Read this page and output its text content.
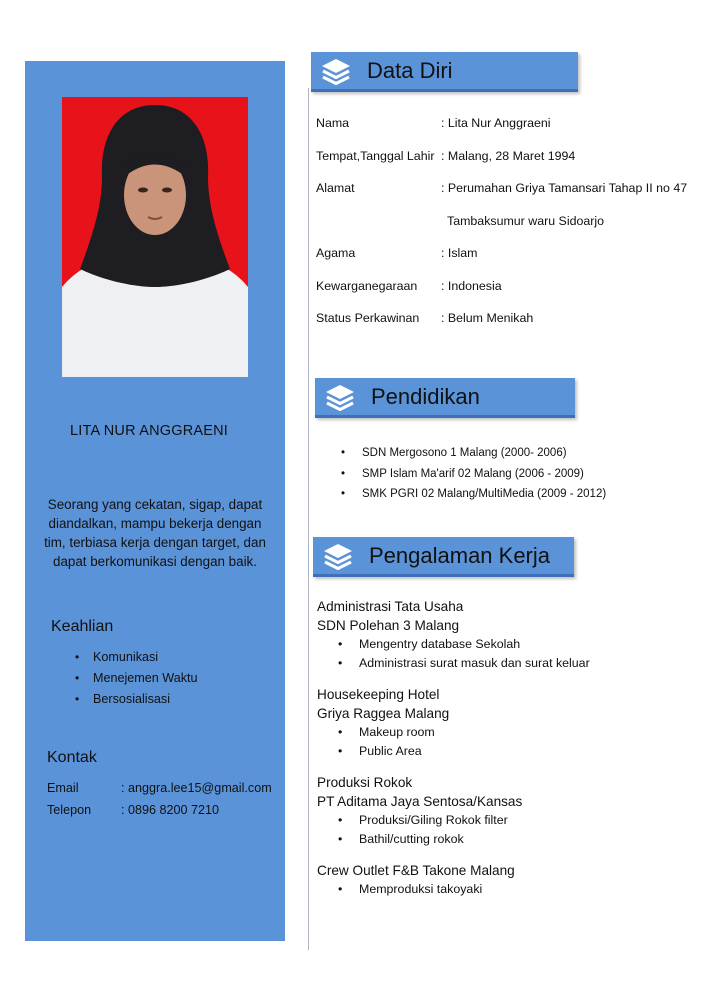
LITA NUR ANGGRAENI
Seorang yang cekatan, sigap, dapat
diandalkan, mampu bekerja dengan
tim, terbiasa kerja dengan target, dan
dapat berkomunikasi dengan baik.
Keahlian
• Komunikasi
• Menejemen Waktu
• Bersosialisasi
Kontak
Email	: anggra.lee15@gmail.com
Telepon	: 0896 8200 7210
Data Diri
Nama	: Lita Nur Anggraeni
Tempat,Tanggal Lahir : Malang, 28 Maret 1994
Alamat	: Perumahan Griya Tamansari Tahap II no 47
Tambaksumur waru Sidoarjo
Agama	: Islam
Kewarganegaraan	: Indonesia
Status Perkawinan	: Belum Menikah
Pendidikan
• SDN Mergosono 1 Malang (2000- 2006)
• SMP Islam Ma'arif 02 Malang (2006 - 2009)
• SMK PGRI 02 Malang/MultiMedia (2009 - 2012)
Pengalaman Kerja
Administrasi Tata Usaha
SDN Polehan 3 Malang
• Mengentry database Sekolah
• Administrasi surat masuk dan surat keluar
Housekeeping Hotel
Griya Raggea Malang
• Makeup room
• Public Area
Produksi Rokok
PT Aditama Jaya Sentosa/Kansas
• Produksi/Giling Rokok filter
• Bathil/cutting rokok
Crew Outlet F&B Takone Malang
• Memproduksi takoyaki
